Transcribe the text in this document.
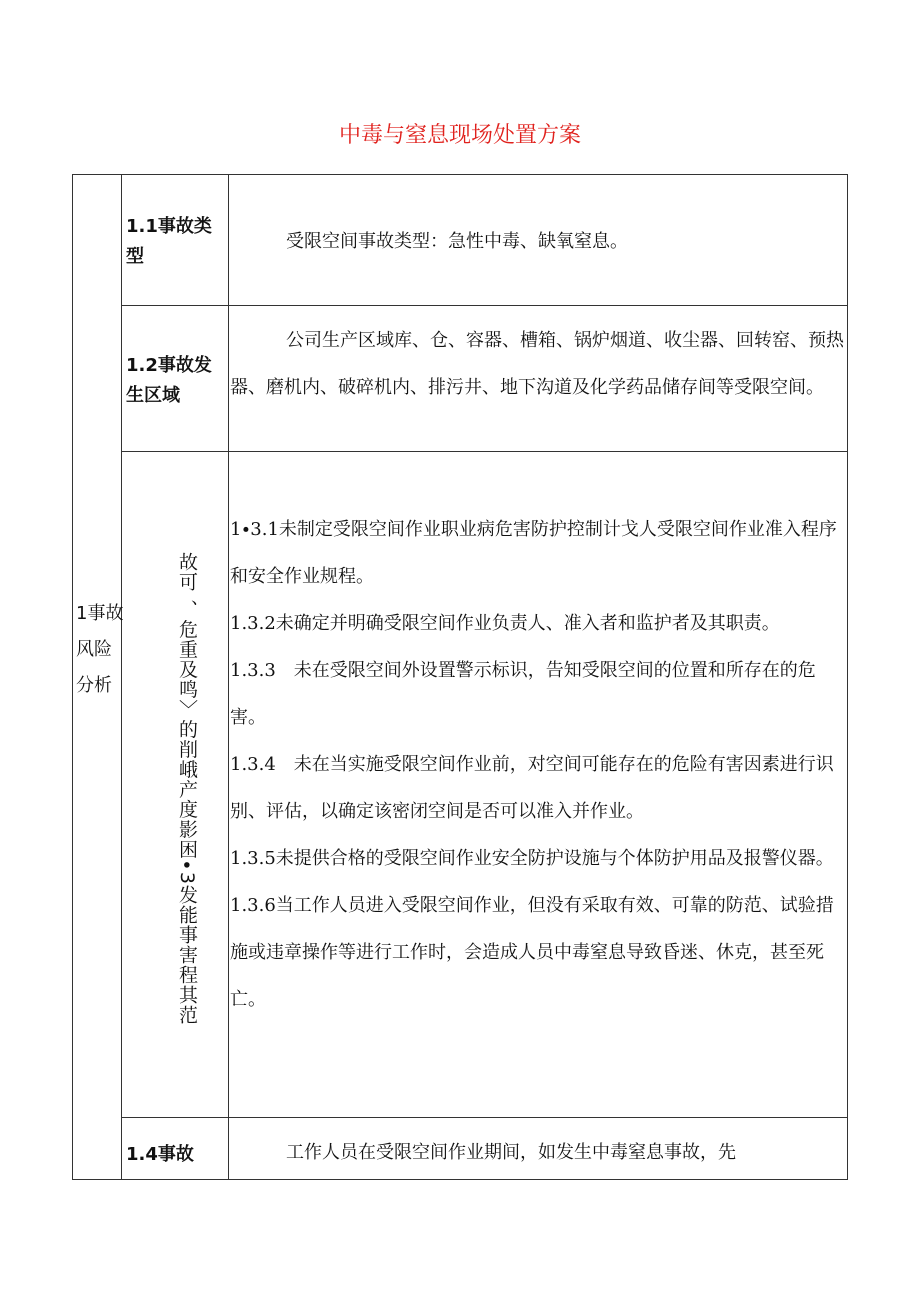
中毒与窒息现场处置方案
1事故风险分析
1.1事故类型
受限空间事故类型：急性中毒、缺氧窒息。
1.2事故发生区域
公司生产区域库、仓、容器、槽箱、锅炉烟道、收尘器、回转窑、预热器、磨机内、破碎机内、排污井、地下沟道及化学药品储存间等受限空间。
故可 、危重及鸣〉的削峨产度影困∙3发能事害程其范

1∙3.1未制定受限空间作业职业病危害防护控制计戈人受限空间作业准入程序和安全作业规程。

1.3.2未确定并明确受限空间作业负责人、准入者和监护者及其职责。

1.3.3　未在受限空间外设置警示标识，告知受限空间的位置和所存在的危害。

1.3.4　未在当实施受限空间作业前，对空间可能存在的危险有害因素进行识别、评估，以确定该密闭空间是否可以准入并作业。

1.3.5未提供合格的受限空间作业安全防护设施与个体防护用品及报警仪器。

1.3.6当工作人员进入受限空间作业，但没有采取有效、可靠的防范、试验措施或违章操作等进行工作时，会造成人员中毒窒息导致昏迷、休克，甚至死亡。

1.4事故	工作人员在受限空间作业期间，如发生中毒窒息事故，先
